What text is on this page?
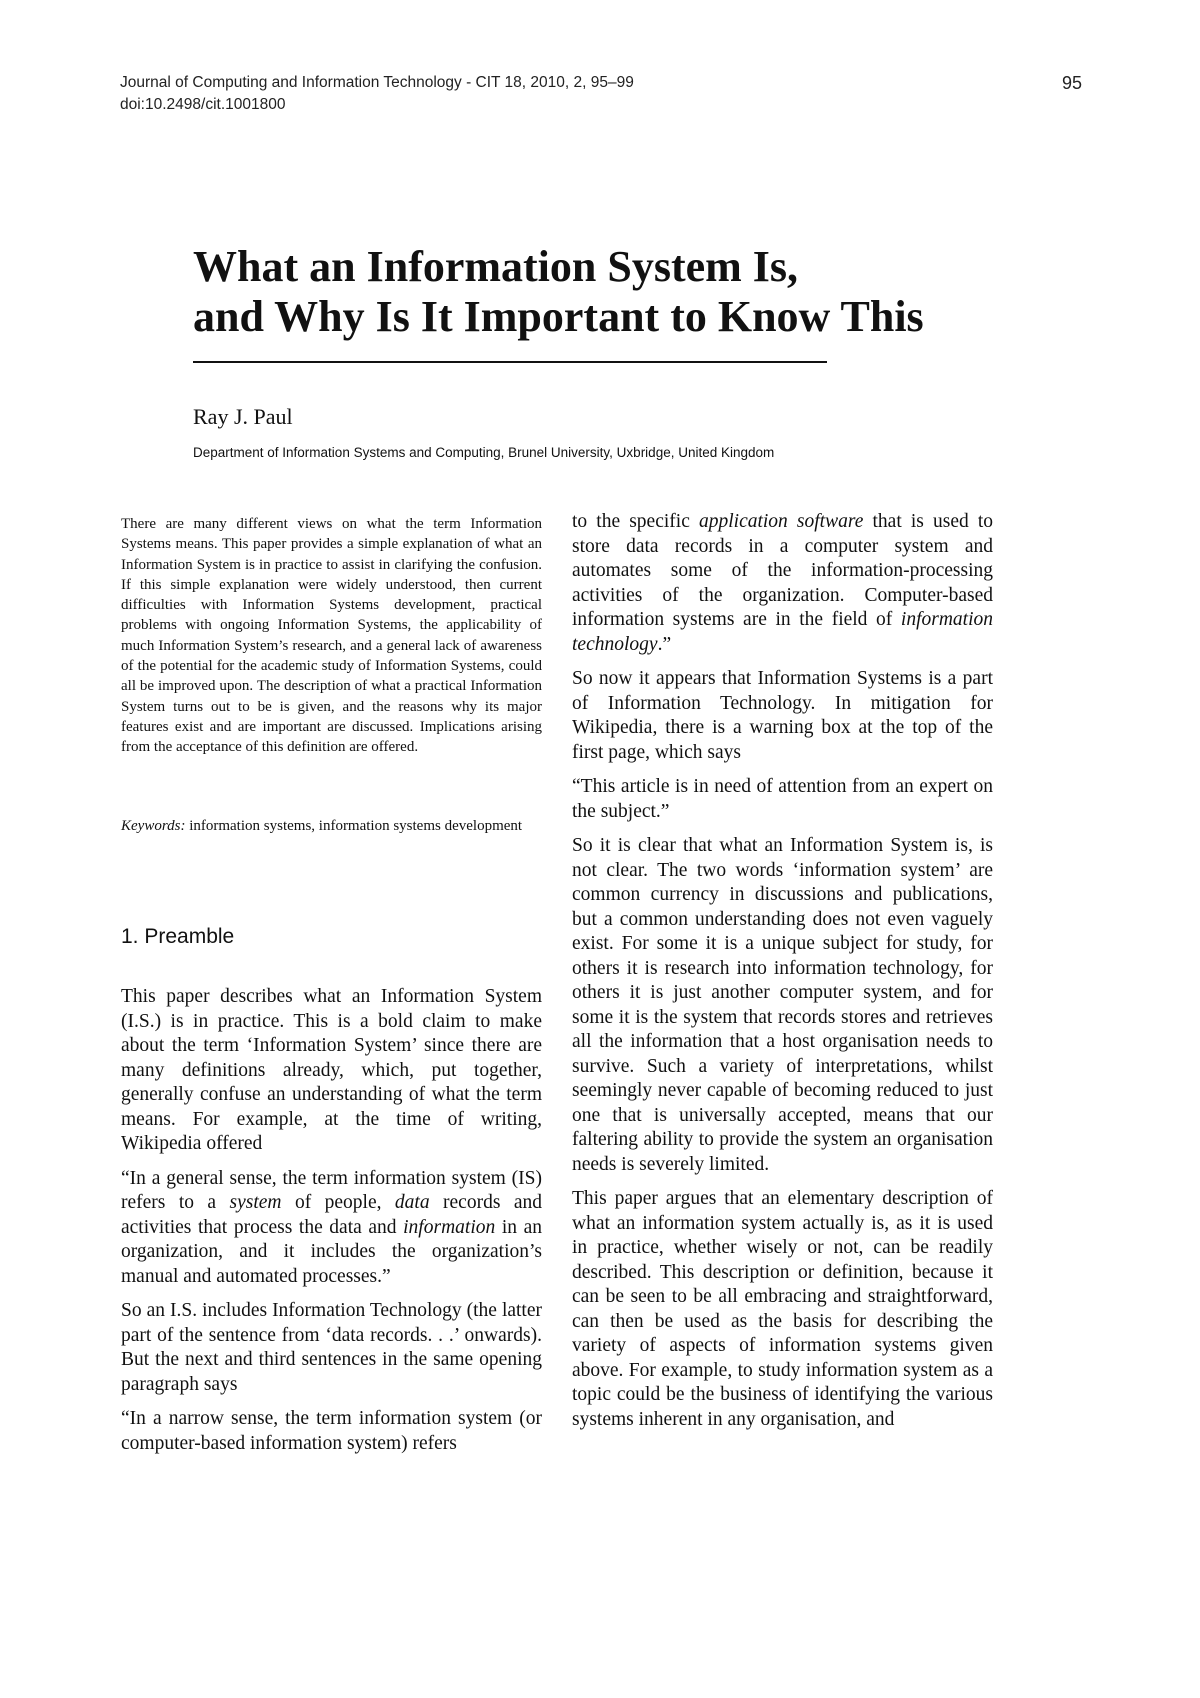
Journal of Computing and Information Technology - CIT 18, 2010, 2, 95–99
doi:10.2498/cit.1001800
95
What an Information System Is,
and Why Is It Important to Know This
Ray J. Paul
Department of Information Systems and Computing, Brunel University, Uxbridge, United Kingdom

There are many different views on what the term Information Systems means. This paper provides a simple explanation of what an Information System is in practice to assist in clarifying the confusion. If this simple explanation were widely understood, then current difficulties with Information Systems development, practical problems with ongoing Information Systems, the applicability of much Information System’s research, and a general lack of awareness of the potential for the academic study of Information Systems, could all be improved upon. The description of what a practical Information System turns out to be is given, and the reasons why its major features exist and are important are discussed. Implications arising from the acceptance of this definition are offered.

Keywords: information systems, information systems development

1. Preamble

This paper describes what an Information System (I.S.) is in practice. This is a bold claim to make about the term ‘Information System’ since there are many definitions already, which, put together, generally confuse an understanding of what the term means. For example, at the time of writing, Wikipedia offered

“In a general sense, the term information system (IS) refers to a system of people, data records and activities that process the data and information in an organization, and it includes the organization’s manual and automated processes.”

So an I.S. includes Information Technology (the latter part of the sentence from ‘data records. . .’ onwards). But the next and third sentences in the same opening paragraph says

“In a narrow sense, the term information system (or computer-based information system) refers

to the specific application software that is used to store data records in a computer system and automates some of the information-processing activities of the organization. Computer-based information systems are in the field of information technology.”

So now it appears that Information Systems is a part of Information Technology. In mitigation for Wikipedia, there is a warning box at the top of the first page, which says

“This article is in need of attention from an expert on the subject.”

So it is clear that what an Information System is, is not clear. The two words ‘information system’ are common currency in discussions and publications, but a common understanding does not even vaguely exist. For some it is a unique subject for study, for others it is research into information technology, for others it is just another computer system, and for some it is the system that records stores and retrieves all the information that a host organisation needs to survive. Such a variety of interpretations, whilst seemingly never capable of becoming reduced to just one that is universally accepted, means that our faltering ability to provide the system an organisation needs is severely limited.

This paper argues that an elementary description of what an information system actually is, as it is used in practice, whether wisely or not, can be readily described. This description or definition, because it can be seen to be all embracing and straightforward, can then be used as the basis for describing the variety of aspects of information systems given above. For example, to study information system as a topic could be the business of identifying the various systems inherent in any organisation, and
